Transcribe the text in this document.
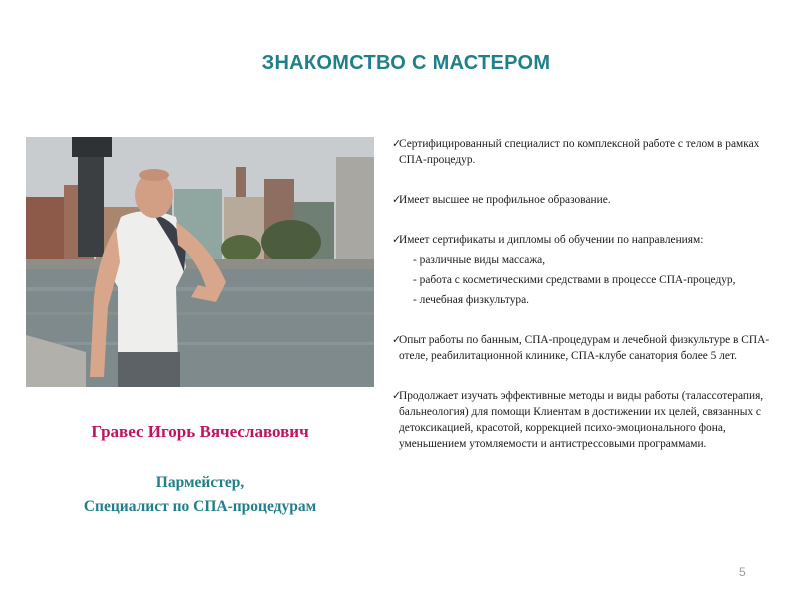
ЗНАКОМСТВО С МАСТЕРОМ
Гравес Игорь Вячеславович
Пармейстер,
Специалист по СПА-процедурам

✓
Сертифицированный специалист по комплексной работе с телом в рамках СПА-процедур.

✓
Имеет высшее не профильное образование.

✓
Имеет сертификаты и дипломы об обучении по направлениям:

- различные виды массажа,

- работа с косметическими средствами в процессе СПА-процедур,

- лечебная физкультура.

✓
Опыт работы по банным, СПА-процедурам и лечебной физкультуре в СПА-отеле, реабилитационной клинике, СПА-клубе санатория более 5 лет.

✓
Продолжает изучать эффективные методы и виды работы (талассотерапия, бальнеология) для помощи Клиентам в достижении их целей, связанных с детоксикацией, красотой, коррекцией психо-эмоционального фона, уменьшением утомляемости и антистрессовыми программами.

5
